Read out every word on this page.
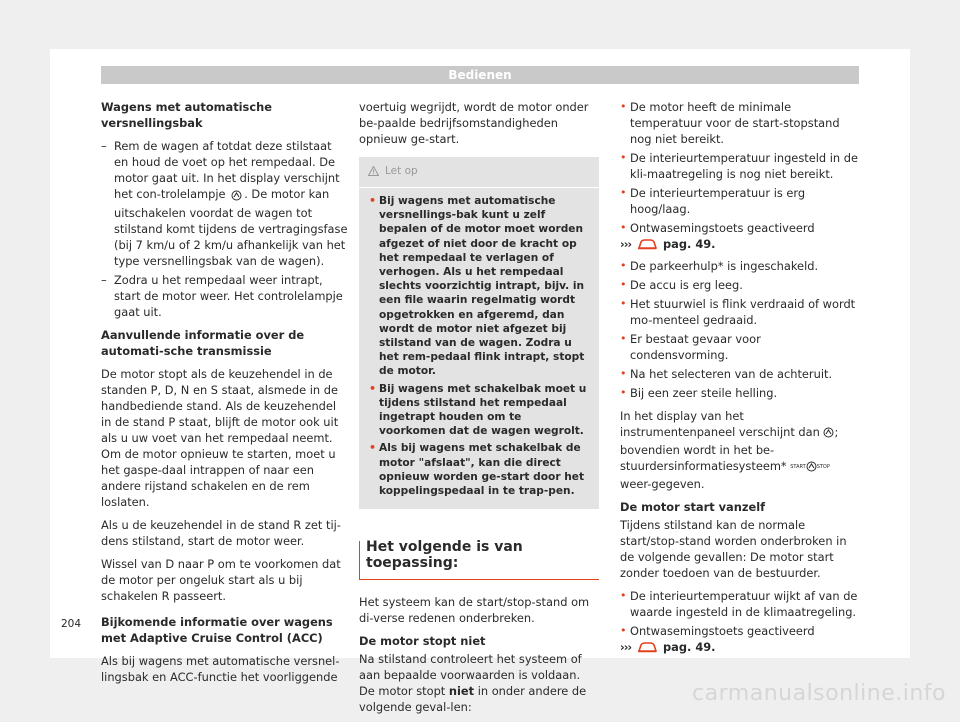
Bedienen

Wagens met automatische versnellingsbak

– Rem de wagen af totdat deze stilstaat en houd de voet op het rempedaal. De motor gaat uit. In het display verschijnt het con-trolelampje . De motor kan uitschakelen voordat de wagen tot stilstand komt tijdens de vertragingsfase (bij 7 km/u of 2 km/u afhankelijk van het type versnellingsbak van de wagen).
– Zodra u het rempedaal weer intrapt, start de motor weer. Het controlelampje gaat uit.

Aanvullende informatie over de automati-sche transmissie

De motor stopt als de keuzehendel in de standen P, D, N en S staat, alsmede in de handbediende stand. Als de keuzehendel in de stand P staat, blijft de motor ook uit als u uw voet van het rempedaal neemt. Om de motor opnieuw te starten, moet u het gaspe-daal intrappen of naar een andere rijstand schakelen en de rem loslaten.

Als u de keuzehendel in de stand R zet tij-dens stilstand, start de motor weer.

Wissel van D naar P om te voorkomen dat de motor per ongeluk start als u bij schakelen R passeert.

Bijkomende informatie over wagens met Adaptive Cruise Control (ACC)

Als bij wagens met automatische versnel-lingsbak en ACC-functie het voorliggende

voertuig wegrijdt, wordt de motor onder be-paalde bedrijfsomstandigheden opnieuw ge-start.

Let op
• Bij wagens met automatische versnellings-bak kunt u zelf bepalen of de motor moet worden afgezet of niet door de kracht op het rempedaal te verlagen of verhogen. Als u het rempedaal slechts voorzichtig intrapt, bijv. in een file waarin regelmatig wordt opgetrokken en afgeremd, dan wordt de motor niet afgezet bij stilstand van de wagen. Zodra u het rem-pedaal flink intrapt, stopt de motor.
• Bij wagens met schakelbak moet u tijdens stilstand het rempedaal ingetrapt houden om te voorkomen dat de wagen wegrolt.
• Als bij wagens met schakelbak de motor "afslaat", kan die direct opnieuw worden ge-start door het koppelingspedaal in te trap-pen.
Het volgende is van toepassing:

Het systeem kan de start/stop-stand om di-verse redenen onderbreken.

De motor stopt niet

Na stilstand controleert het systeem of aan bepaalde voorwaarden is voldaan. De motor stopt niet in onder andere de volgende geval-len:

• De motor heeft de minimale temperatuur voor de start-stopstand nog niet bereikt.
• De interieurtemperatuur ingesteld in de kli-maatregeling is nog niet bereikt.
• De interieurtemperatuur is erg hoog/laag.
• Ontwasemingstoets geactiveerd
›››	pag. 49.
• De parkeerhulp* is ingeschakeld.
• De accu is erg leeg.
• Het stuurwiel is flink verdraaid of wordt mo-menteel gedraaid.
• Er bestaat gevaar voor condensvorming.
• Na het selecteren van de achteruit.
• Bij een zeer steile helling.

In het display van het instrumentenpaneel verschijnt dan ; bovendien wordt in het be-stuurdersinformatiesysteem* START STOP weer-gegeven.

De motor start vanzelf

Tijdens stilstand kan de normale start/stop-stand worden onderbroken in de volgende gevallen: De motor start zonder toedoen van de bestuurder.

• De interieurtemperatuur wijkt af van de waarde ingesteld in de klimaatregeling.
• Ontwasemingstoets geactiveerd
›››	pag. 49.
204
carmanualsonline.info
